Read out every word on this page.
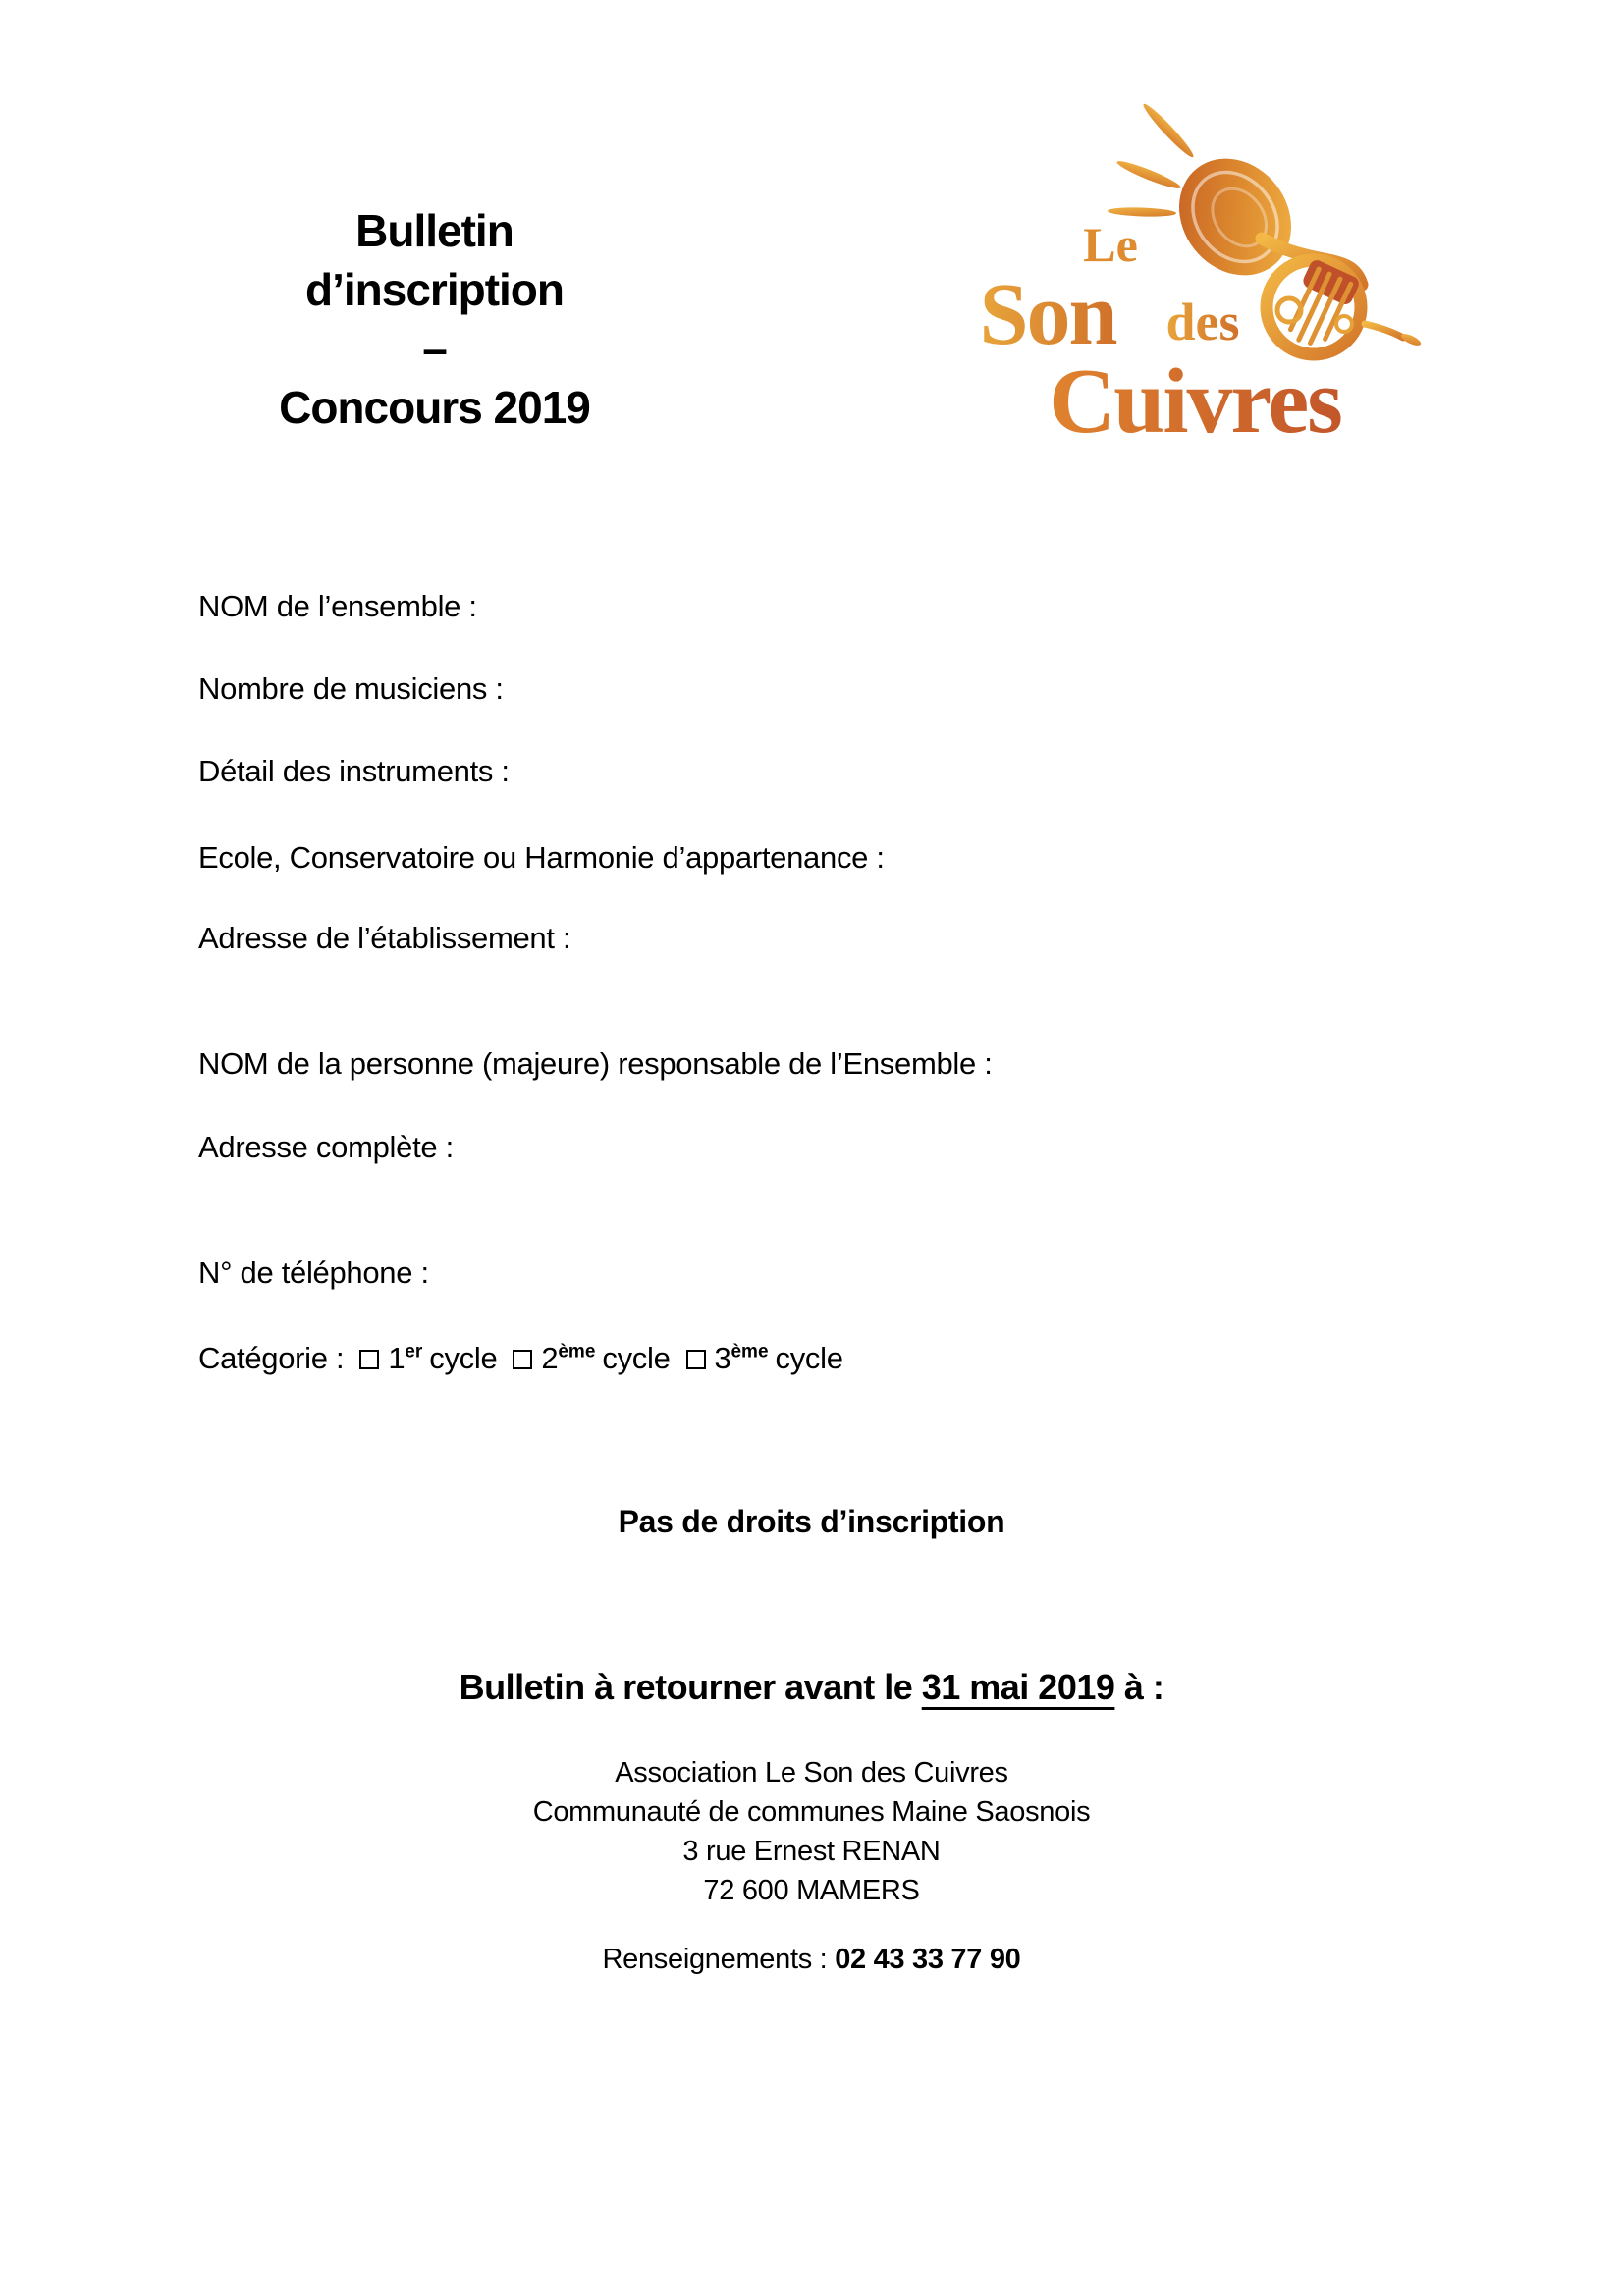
Bulletin
d’inscription
–
Concours 2019
Le
Son des
Cuivres
NOM de l’ensemble :
Nombre de musiciens :
Détail des instruments :
Ecole, Conservatoire ou Harmonie d’appartenance :
Adresse de l’établissement :
NOM de la personne (majeure) responsable de l’Ensemble :
Adresse complète :
N° de téléphone :
Catégorie : 1er cycle 2ème cycle 3ème cycle
Pas de droits d’inscription
Bulletin à retourner avant le 31 mai 2019 à :
Association Le Son des Cuivres
Communauté de communes Maine Saosnois
3 rue Ernest RENAN
72 600 MAMERS
Renseignements : 02 43 33 77 90
